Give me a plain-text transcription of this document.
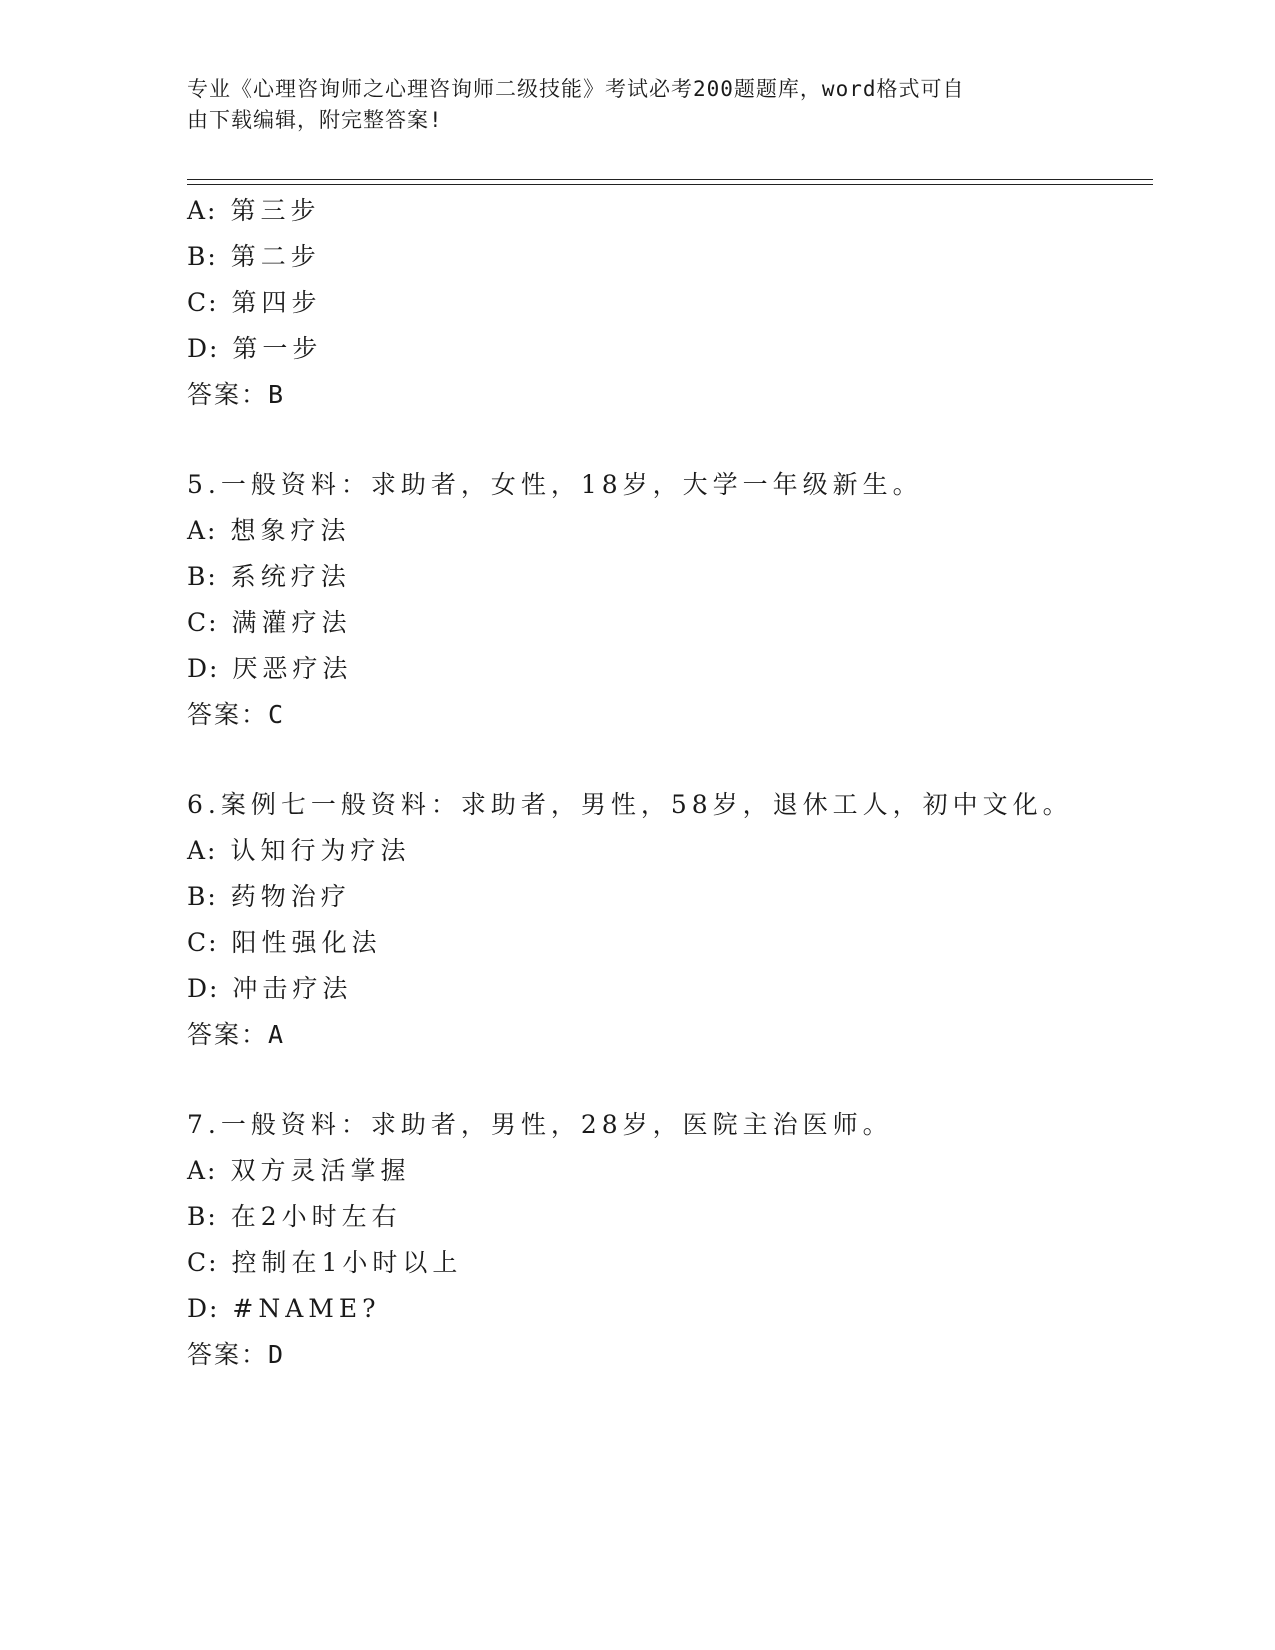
专业《心理咨询师之心理咨询师二级技能》考试必考200题题库，word格式可自
由下载编辑，附完整答案!
A: 第三步
B: 第二步
C: 第四步
D: 第一步
答案：B
5.一般资料：求助者，女性，18岁，大学一年级新生。
A: 想象疗法
B: 系统疗法
C: 满灌疗法
D: 厌恶疗法
答案：C
6.案例七一般资料：求助者，男性，58岁，退休工人，初中文化。
A: 认知行为疗法
B: 药物治疗
C: 阳性强化法
D: 冲击疗法
答案：A
7.一般资料：求助者，男性，28岁，医院主治医师。
A: 双方灵活掌握
B: 在2小时左右
C: 控制在1小时以上
D: #NAME?
答案：D
